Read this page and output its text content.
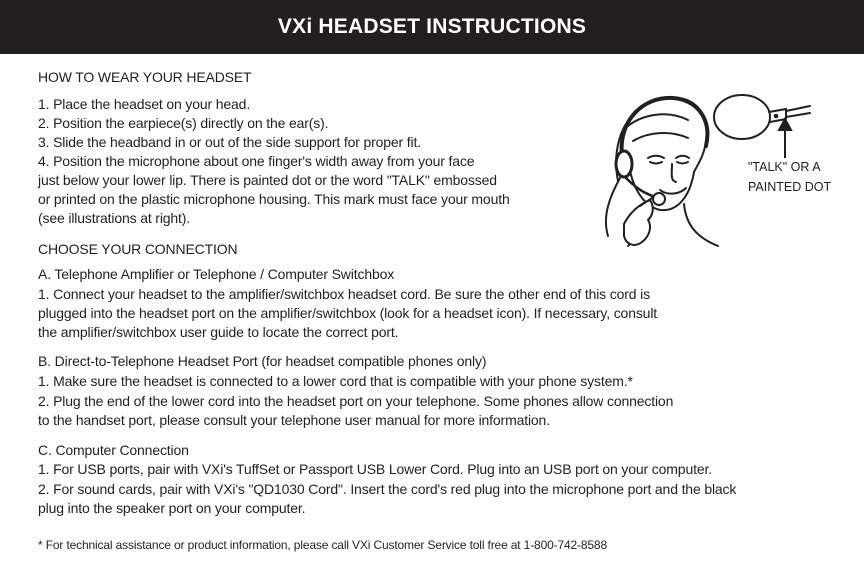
VXi HEADSET INSTRUCTIONS
HOW TO WEAR YOUR HEADSET
1. Place the headset on your head.
2. Position the earpiece(s) directly on the ear(s).
3. Slide the headband in or out of the side support for proper fit.
4. Position the microphone about one finger's width away from your face
just below your lower lip. There is painted dot or the word "TALK" embossed
or printed on the plastic microphone housing. This mark must face your mouth
(see illustrations at right).
"TALK" OR A
PAINTED DOT
CHOOSE YOUR CONNECTION
A. Telephone Amplifier or Telephone / Computer Switchbox
1. Connect your headset to the amplifier/switchbox headset cord. Be sure the other end of this cord is
plugged into the headset port on the amplifier/switchbox (look for a headset icon). If necessary, consult
the amplifier/switchbox user guide to locate the correct port.
B. Direct-to-Telephone Headset Port (for headset compatible phones only)
1. Make sure the headset is connected to a lower cord that is compatible with your phone system.*
2. Plug the end of the lower cord into the headset port on your telephone. Some phones allow connection
to the handset port, please consult your telephone user manual for more information.
C. Computer Connection
1. For USB ports, pair with VXi's TuffSet or Passport USB Lower Cord. Plug into an USB port on your computer.
2. For sound cards, pair with VXi's "QD1030 Cord". Insert the cord's red plug into the microphone port and the black
plug into the speaker port on your computer.
* For technical assistance or product information, please call VXi Customer Service toll free at 1-800-742-8588
